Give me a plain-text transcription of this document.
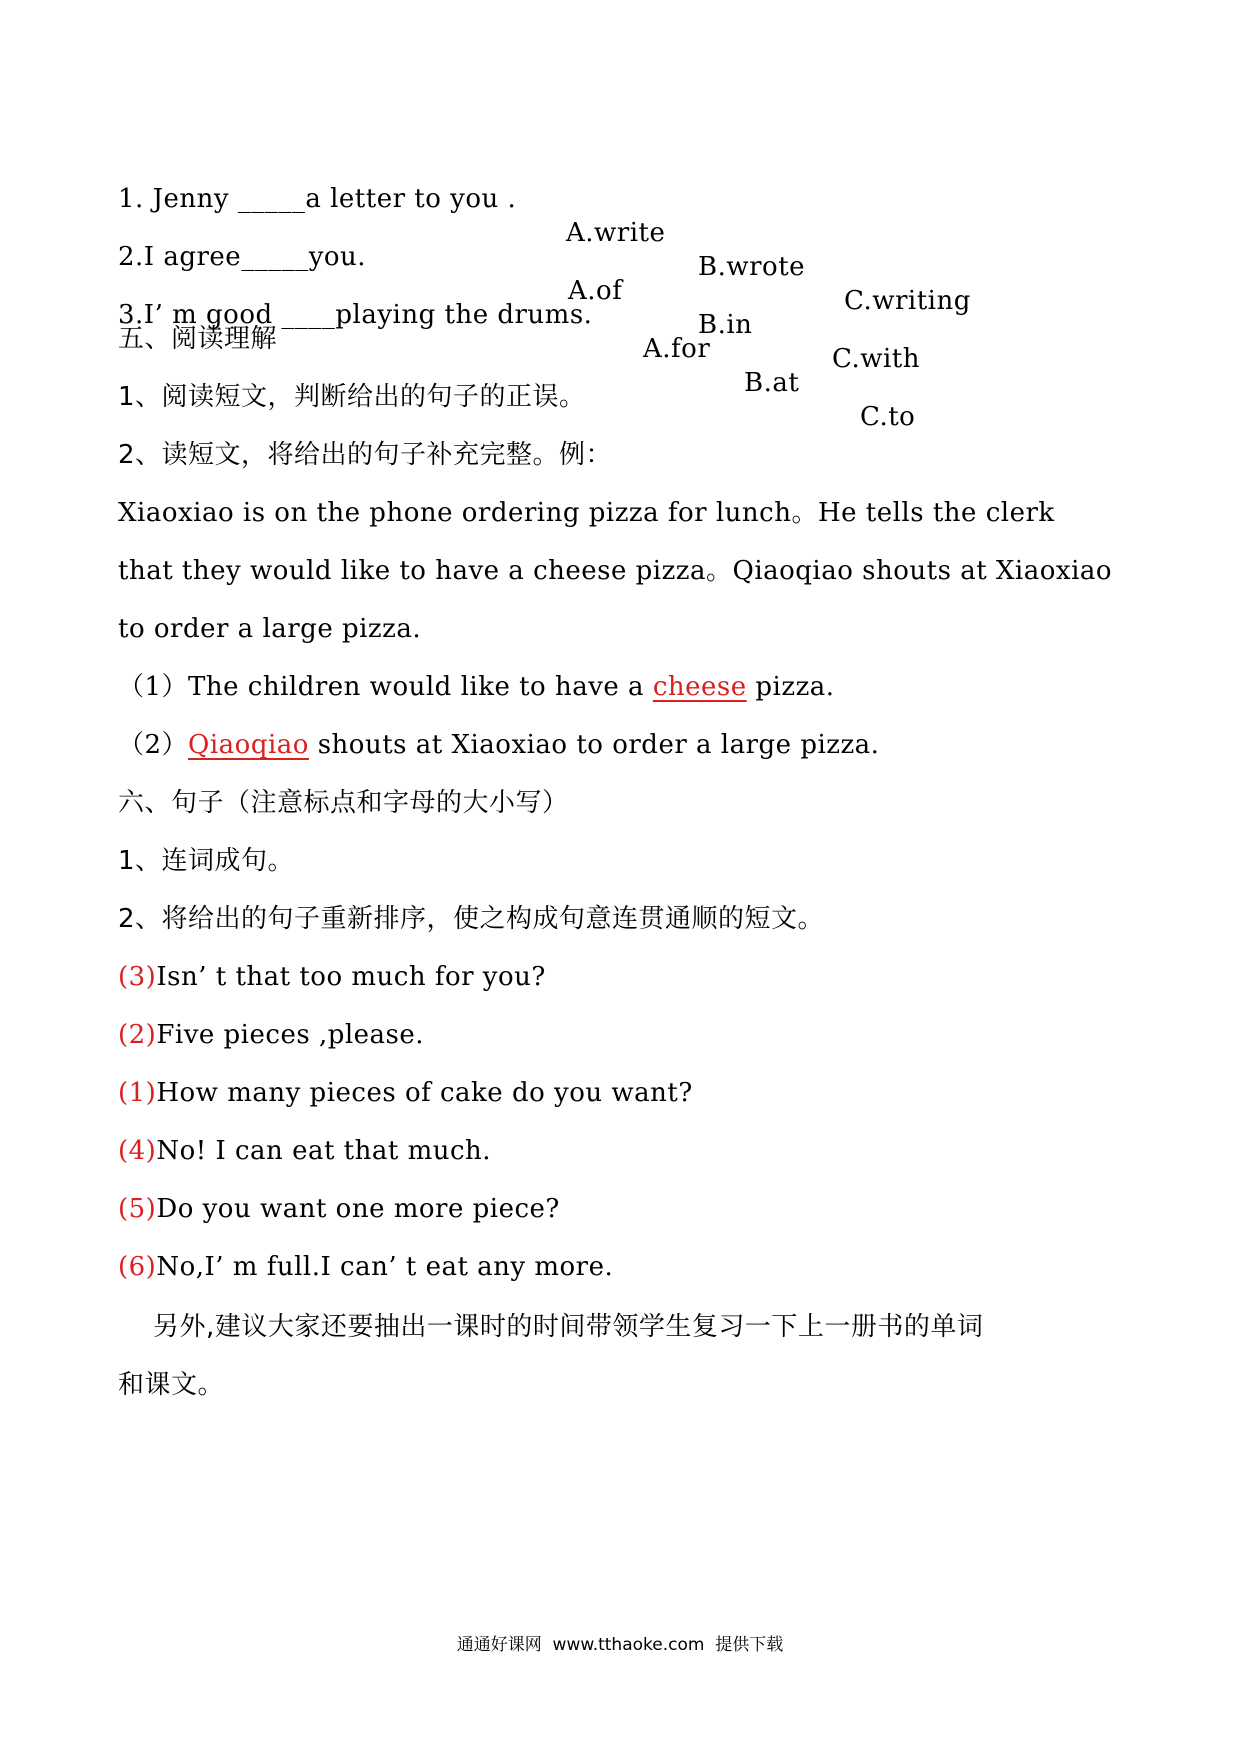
1. Jenny _____a letter to you .

A.write

B.wrote

C.writing

2.I agree_____you.

A.of

B.in

C.with

3.I’ m good ____playing the drums.

A.for

B.at

C.to

五、阅读理解
1、阅读短文，判断给出的句子的正误。
2、读短文，将给出的句子补充完整。例：
Xiaoxiao is on the phone ordering pizza for lunch。He tells the clerk
that they would like to have a cheese pizza。Qiaoqiao shouts at Xiaoxiao
to order a large pizza.
（1）The children would like to have a cheese pizza.
（2）Qiaoqiao shouts at Xiaoxiao to order a large pizza.
六、句子（注意标点和字母的大小写）
1、连词成句。
2、将给出的句子重新排序，使之构成句意连贯通顺的短文。
(3)Isn’ t that too much for you?
(2)Five pieces ,please.
(1)How many pieces of cake do you want?
(4)No! I can eat that much.
(5)Do you want one more piece?
(6)No,I’ m full.I can’ t eat any more.
另外,建议大家还要抽出一课时的时间带领学生复习一下上一册书的单词
和课文。
通通好课网  www.tthaoke.com  提供下载
